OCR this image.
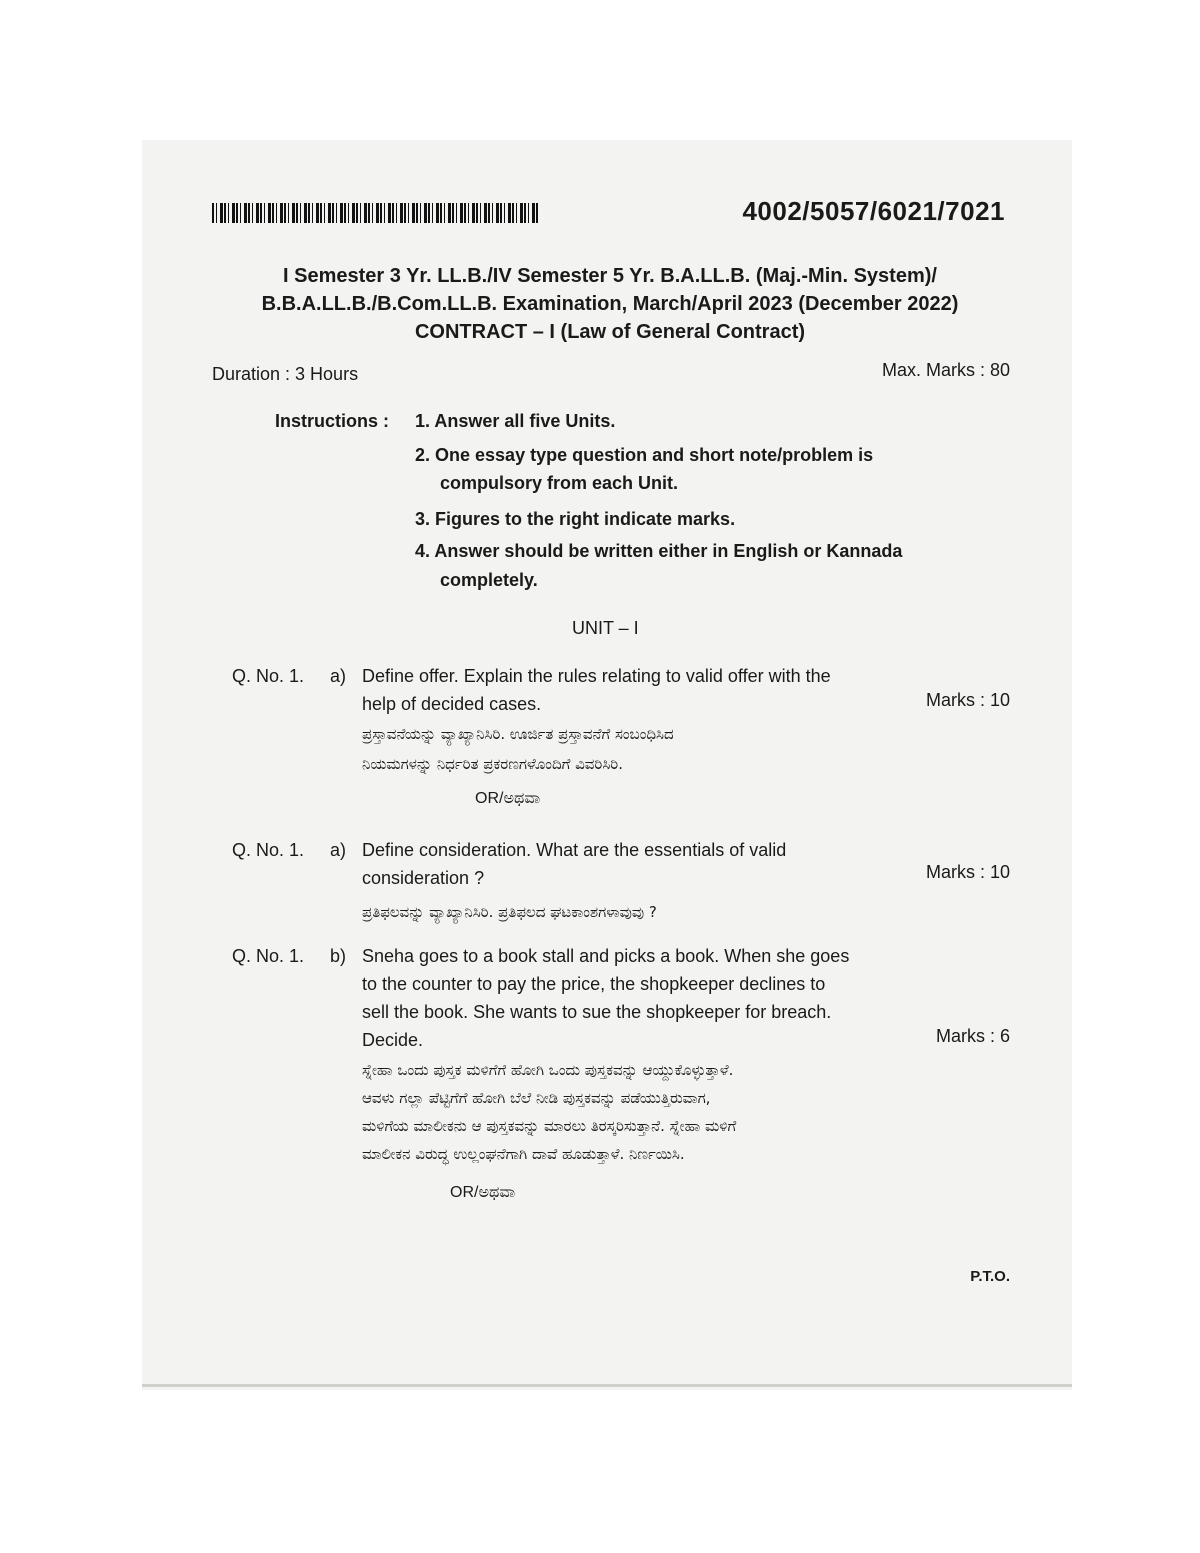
4002/5057/6021/7021

I Semester 3 Yr. LL.B./IV Semester 5 Yr. B.A.LL.B. (Maj.-Min. System)/

B.B.A.LL.B./B.Com.LL.B. Examination, March/April 2023 (December 2022)

CONTRACT – I (Law of General Contract)

Duration : 3 Hours	Max. Marks : 80

Instructions : 1. Answer all five Units.

2. One essay type question and short note/problem is

compulsory from each Unit.

3. Figures to the right indicate marks.

4. Answer should be written either in English or Kannada

completely.

UNIT – I

Q. No. 1. a) Define offer. Explain the rules relating to valid offer with the

help of decided cases.	Marks : 10

ಪ್ರಸ್ತಾವನೆಯನ್ನು ವ್ಯಾಖ್ಯಾನಿಸಿರಿ. ಊರ್ಜಿತ ಪ್ರಸ್ತಾವನೆಗೆ ಸಂಬಂಧಿಸಿದ

ನಿಯಮಗಳನ್ನು ನಿರ್ಧರಿತ ಪ್ರಕರಣಗಳೊಂದಿಗೆ ವಿವರಿಸಿರಿ.

OR/ಅಥವಾ

Q. No. 1. a) Define consideration. What are the essentials of valid

consideration ?	Marks : 10

ಪ್ರತಿಫಲವನ್ನು ವ್ಯಾಖ್ಯಾನಿಸಿರಿ. ಪ್ರತಿಫಲದ ಘಟಕಾಂಶಗಳಾವುವು ?

Q. No. 1. b) Sneha goes to a book stall and picks a book. When she goes

to the counter to pay the price, the shopkeeper declines to

sell the book. She wants to sue the shopkeeper for breach.

Decide.	Marks : 6

ಸ್ನೇಹಾ ಒಂದು ಪುಸ್ತಕ ಮಳಿಗೆಗೆ ಹೋಗಿ ಒಂದು ಪುಸ್ತಕವನ್ನು ಆಯ್ದುಕೊಳ್ಳುತ್ತಾಳೆ.

ಆವಳು ಗಲ್ಲಾ ಪೆಟ್ಟಿಗೆಗೆ ಹೋಗಿ ಬೆಲೆ ನೀಡಿ ಪುಸ್ತಕವನ್ನು ಪಡೆಯುತ್ತಿರುವಾಗ,

ಮಳಿಗೆಯ ಮಾಲೀಕನು ಆ ಪುಸ್ತಕವನ್ನು ಮಾರಲು ತಿರಸ್ಕರಿಸುತ್ತಾನೆ. ಸ್ನೇಹಾ ಮಳಿಗೆ

ಮಾಲೀಕನ ವಿರುದ್ಧ ಉಲ್ಲಂಘನೆಗಾಗಿ ದಾವೆ ಹೂಡುತ್ತಾಳೆ. ನಿರ್ಣಯಿಸಿ.

OR/ಅಥವಾ

P.T.O.
